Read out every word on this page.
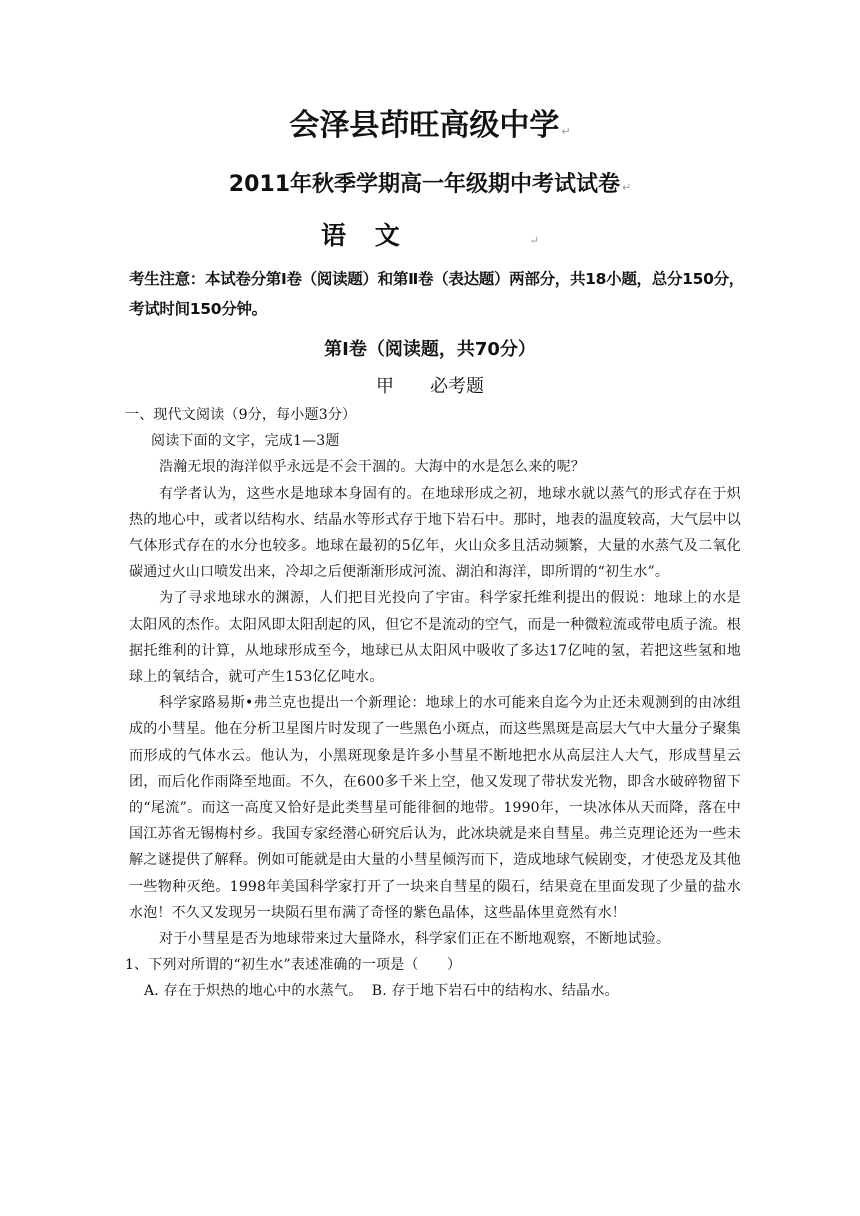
会泽县茚旺高级中学 ↵
2011年秋季学期高一年级期中考试试卷 ↵
语 文	↵
考生注意：本试卷分第Ⅰ卷（阅读题）和第Ⅱ卷（表达题）两部分，共18小题，总分150分，考试时间150分钟。
第Ⅰ卷（阅读题，共70分）
甲 必考题

一、现代文阅读（9分，每小题3分）

阅读下面的文字，完成1—3题

浩瀚无垠的海洋似乎永远是不会干涸的。大海中的水是怎么来的呢？

有学者认为，这些水是地球本身固有的。在地球形成之初，地球水就以蒸气的形式存在于炽热的地心中，或者以结构水、结晶水等形式存于地下岩石中。那时，地表的温度较高，大气层中以气体形式存在的水分也较多。地球在最初的5亿年，火山众多且活动频繁，大量的水蒸气及二氧化碳通过火山口喷发出来，冷却之后便渐渐形成河流、湖泊和海洋，即所谓的“初生水”。

为了寻求地球水的渊源，人们把目光投向了宇宙。科学家托维利提出的假说：地球上的水是太阳风的杰作。太阳风即太阳刮起的风，但它不是流动的空气，而是一种微粒流或带电质子流。根据托维利的计算，从地球形成至今，地球已从太阳风中吸收了多达17亿吨的氢，若把这些氢和地球上的氧结合，就可产生153亿亿吨水。

科学家路易斯•弗兰克也提出一个新理论：地球上的水可能来自迄今为止还未观测到的由冰组成的小彗星。他在分析卫星图片时发现了一些黑色小斑点，而这些黑斑是高层大气中大量分子聚集而形成的气体水云。他认为，小黑斑现象是许多小彗星不断地把水从高层注人大气，形成彗星云团，而后化作雨降至地面。不久，在600多千米上空，他又发现了带状发光物，即含水破碎物留下的“尾流”。而这一高度又恰好是此类彗星可能徘徊的地带。1990年，一块冰体从天而降，落在中国江苏省无锡梅村乡。我国专家经潜心研究后认为，此冰块就是来自彗星。弗兰克理论还为一些未解之谜提供了解释。例如可能就是由大量的小彗星倾泻而下，造成地球气候剧变，才使恐龙及其他一些物种灭绝。1998年美国科学家打开了一块来自彗星的陨石，结果竟在里面发现了少量的盐水水泡！不久又发现另一块陨石里布满了奇怪的紫色晶体，这些晶体里竟然有水！

对于小彗星是否为地球带来过大量降水，科学家们正在不断地观察，不断地试验。

1、下列对所谓的“初生水”表述准确的一项是（　　）

A. 存在于炽热的地心中的水蒸气。 B. 存于地下岩石中的结构水、结晶水。
